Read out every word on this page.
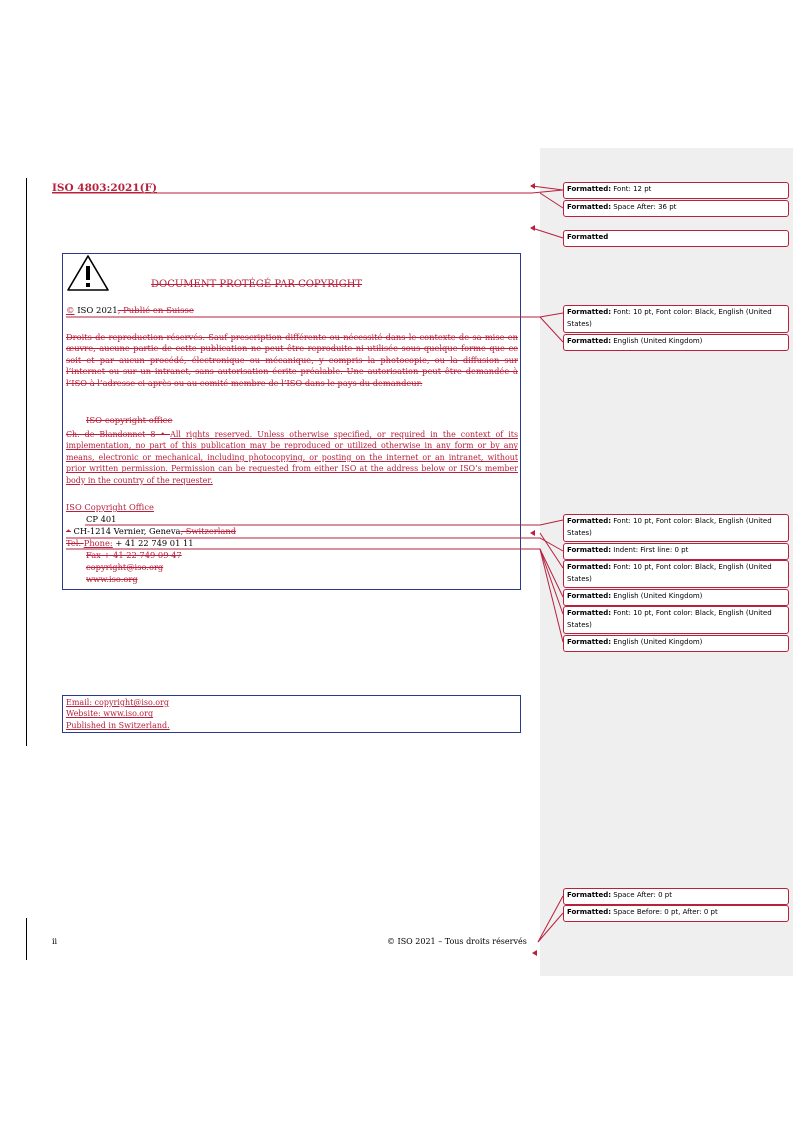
ISO 4803:2021(F)
DOCUMENT PROTÉGÉ PAR COPYRIGHT
© ISO 2021, Publié en Suisse
Droits de reproduction réservés. Sauf prescription différente ou nécessité dans le contexte de sa mise en œuvre, aucune partie de cette publication ne peut être reproduite ni utilisée sous quelque forme que ce soit et par aucun procédé, électronique ou mécanique, y compris la photocopie, ou la diffusion sur l’internet ou sur un intranet, sans autorisation écrite préalable. Une autorisation peut être demandée à l’ISO à l’adresse ci-après ou au comité membre de l’ISO dans le pays du demandeur.
ISO copyright office
Ch. de Blandonnet 8 • All rights reserved. Unless otherwise specified, or required in the context of its implementation, no part of this publication may be reproduced or utilized otherwise in any form or by any means, electronic or mechanical, including photocopying, or posting on the internet or an intranet, without prior written permission. Permission can be requested from either ISO at the address below or ISO’s member body in the country of the requester.
ISO Copyright Office
CP 401
• CH-1214 Vernier, Geneva, Switzerland
Tel. Phone: + 41 22 749 01 11
Fax + 41 22 749 09 47
copyright@iso.org
www.iso.org
Email: copyright@iso.org
Website: www.iso.org
Published in Switzerland.
ii	© ISO 2021 – Tous droits réservés
Formatted: Font: 12 pt
Formatted: Space After: 36 pt
Formatted
Formatted: Font: 10 pt, Font color: Black, English (United States)
Formatted: English (United Kingdom)
Formatted: Font: 10 pt, Font color: Black, English (United States)
Formatted: Indent: First line: 0 pt
Formatted: Font: 10 pt, Font color: Black, English (United States)
Formatted: English (United Kingdom)
Formatted: Font: 10 pt, Font color: Black, English (United States)
Formatted: English (United Kingdom)
Formatted: Space After: 0 pt
Formatted: Space Before: 0 pt, After: 0 pt
